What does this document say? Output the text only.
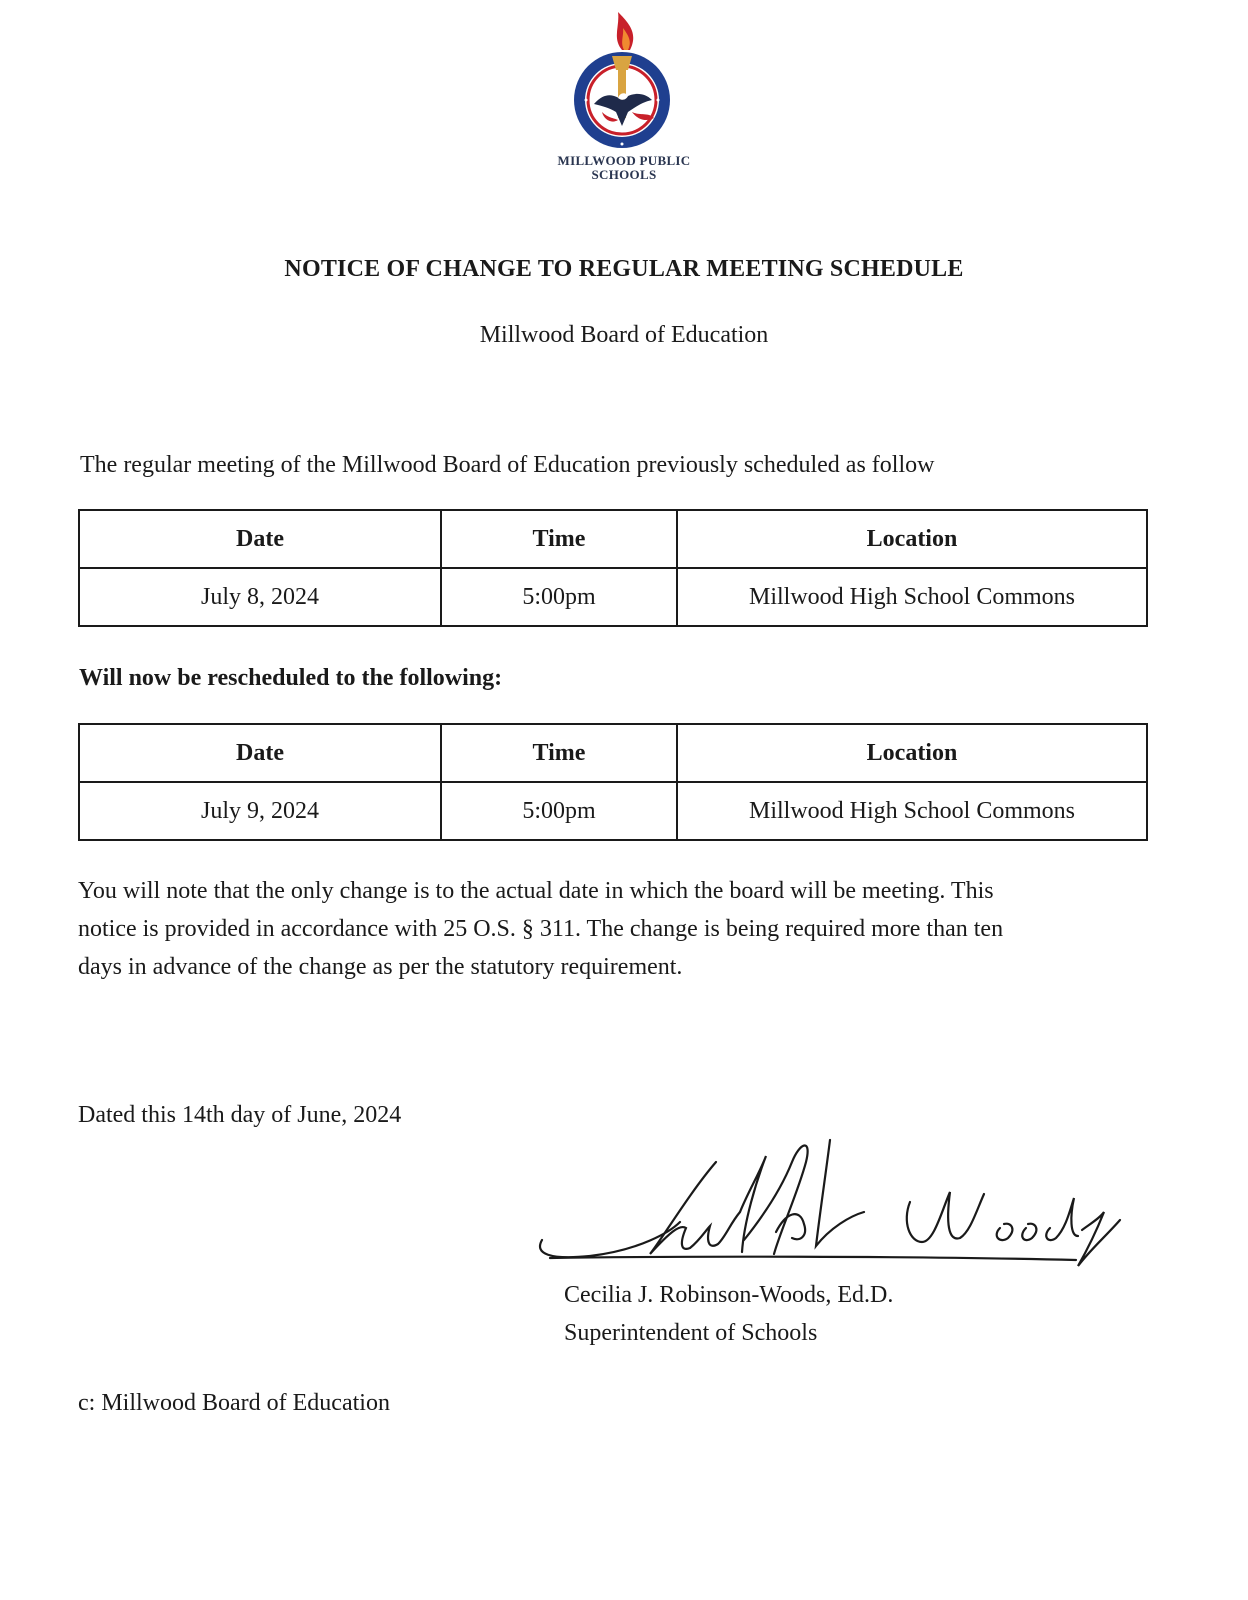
MILLWOOD PUBLIC
SCHOOLS
NOTICE OF CHANGE TO REGULAR MEETING SCHEDULE
Millwood Board of Education
The regular meeting of the Millwood Board of Education previously scheduled as follow
Date	Time	Location
July 8, 2024	5:00pm	Millwood High School Commons
Will now be rescheduled to the following:
Date	Time	Location
July 9, 2024	5:00pm	Millwood High School Commons
You will note that the only change is to the actual date in which the board will be meeting. This
notice is provided in accordance with 25 O.S. § 311. The change is being required more than ten
days in advance of the change as per the statutory requirement.
Dated this 14th day of June, 2024
Cecilia J. Robinson-Woods, Ed.D.
Superintendent of Schools
c: Millwood Board of Education
